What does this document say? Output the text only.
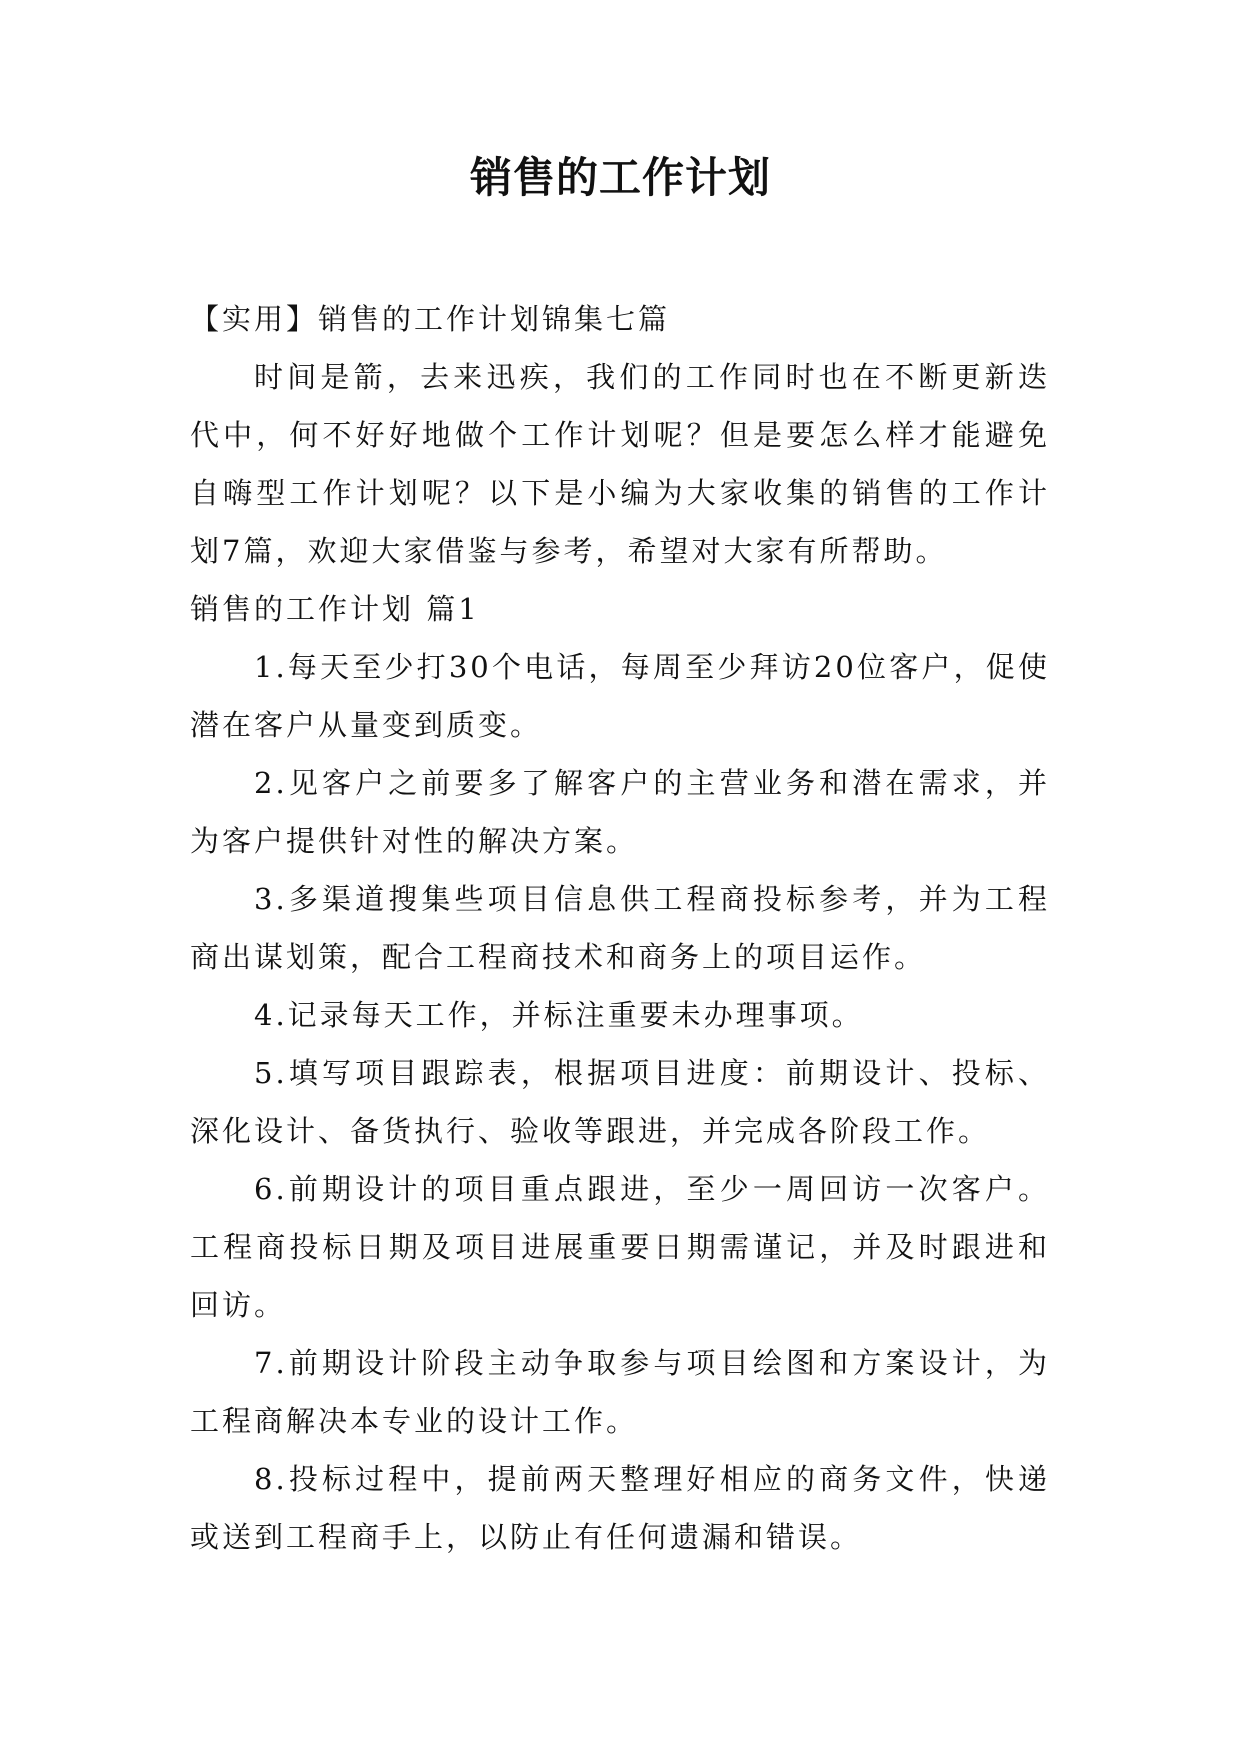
销售的工作计划

【实用】销售的工作计划锦集七篇

时间是箭，去来迅疾，我们的工作同时也在不断更新迭代中，何不好好地做个工作计划呢？但是要怎么样才能避免自嗨型工作计划呢？以下是小编为大家收集的销售的工作计划7篇，欢迎大家借鉴与参考，希望对大家有所帮助。

销售的工作计划 篇1

1.每天至少打30个电话，每周至少拜访20位客户，促使潜在客户从量变到质变。

2.见客户之前要多了解客户的主营业务和潜在需求，并为客户提供针对性的解决方案。

3.多渠道搜集些项目信息供工程商投标参考，并为工程商出谋划策，配合工程商技术和商务上的项目运作。

4.记录每天工作，并标注重要未办理事项。

5.填写项目跟踪表，根据项目进度：前期设计、投标、深化设计、备货执行、验收等跟进，并完成各阶段工作。

6.前期设计的项目重点跟进，至少一周回访一次客户。工程商投标日期及项目进展重要日期需谨记，并及时跟进和回访。

7.前期设计阶段主动争取参与项目绘图和方案设计，为工程商解决本专业的设计工作。

8.投标过程中，提前两天整理好相应的商务文件，快递或送到工程商手上，以防止有任何遗漏和错误。
